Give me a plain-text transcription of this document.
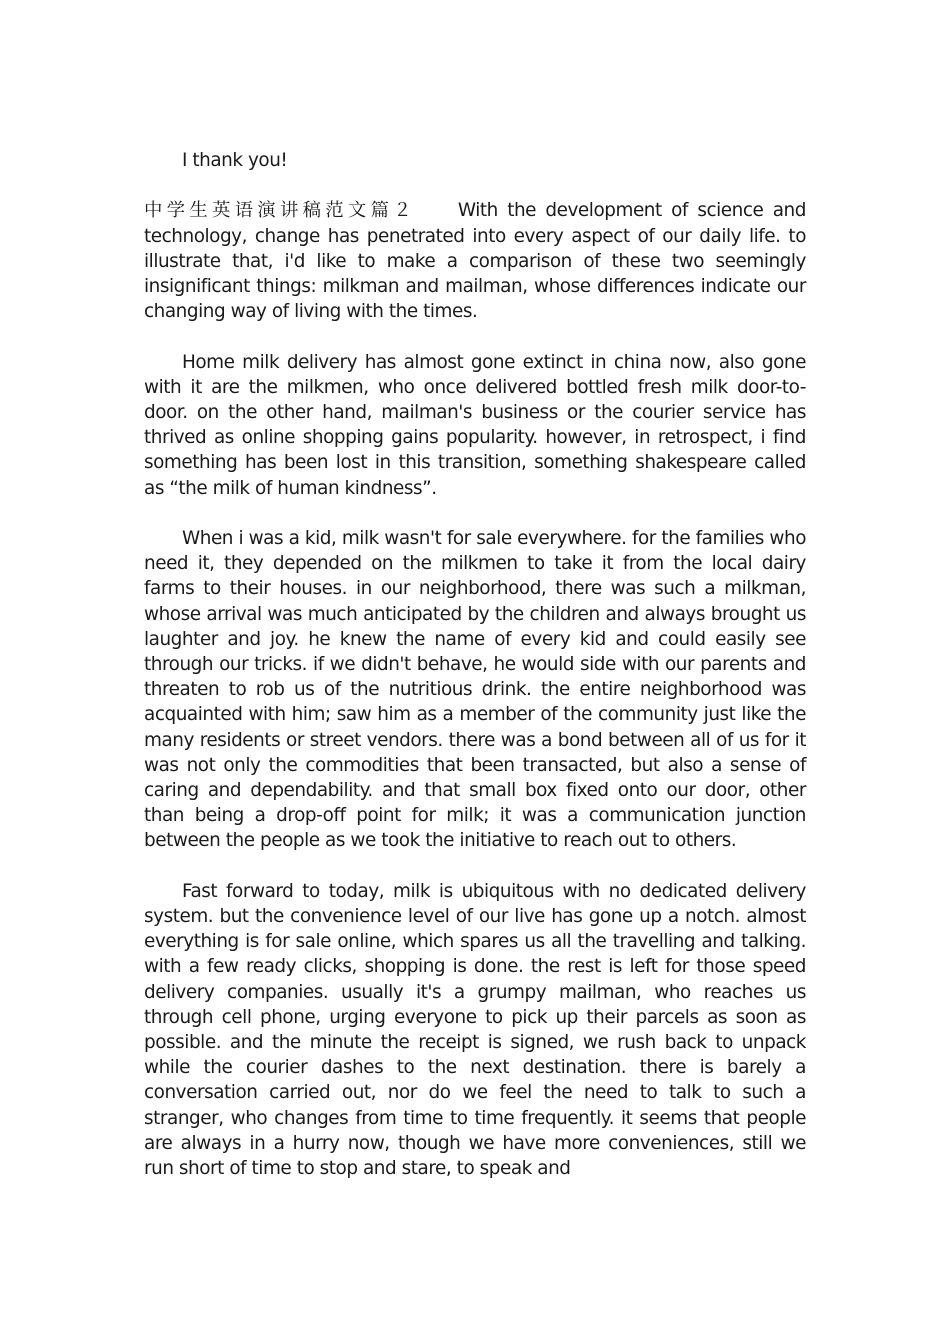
I thank you!

中学生英语演讲稿范文篇２ With the development of science and technology, change has penetrated into every aspect of our daily life. to illustrate that, i'd like to make a comparison of these two seemingly insignificant things: milkman and mailman, whose differences indicate our changing way of living with the times.

Home milk delivery has almost gone extinct in china now, also gone with it are the milkmen, who once delivered bottled fresh milk door-to-door. on the other hand, mailman's business or the courier service has thrived as online shopping gains popularity. however, in retrospect, i find something has been lost in this transition, something shakespeare called as “the milk of human kindness”.

When i was a kid, milk wasn't for sale everywhere. for the families who need it, they depended on the milkmen to take it from the local dairy farms to their houses. in our neighborhood, there was such a milkman, whose arrival was much anticipated by the children and always brought us laughter and joy. he knew the name of every kid and could easily see through our tricks. if we didn't behave, he would side with our parents and threaten to rob us of the nutritious drink. the entire neighborhood was acquainted with him; saw him as a member of the community just like the many residents or street vendors. there was a bond between all of us for it was not only the commodities that been transacted, but also a sense of caring and dependability. and that small box fixed onto our door, other than being a drop-off point for milk; it was a communication junction between the people as we took the initiative to reach out to others.

Fast forward to today, milk is ubiquitous with no dedicated delivery system. but the convenience level of our live has gone up a notch. almost everything is for sale online, which spares us all the travelling and talking. with a few ready clicks, shopping is done. the rest is left for those speed delivery companies. usually it's a grumpy mailman, who reaches us through cell phone, urging everyone to pick up their parcels as soon as possible. and the minute the receipt is signed, we rush back to unpack while the courier dashes to the next destination. there is barely a conversation carried out, nor do we feel the need to talk to such a stranger, who changes from time to time frequently. it seems that people are always in a hurry now, though we have more conveniences, still we run short of time to stop and stare, to speak and
